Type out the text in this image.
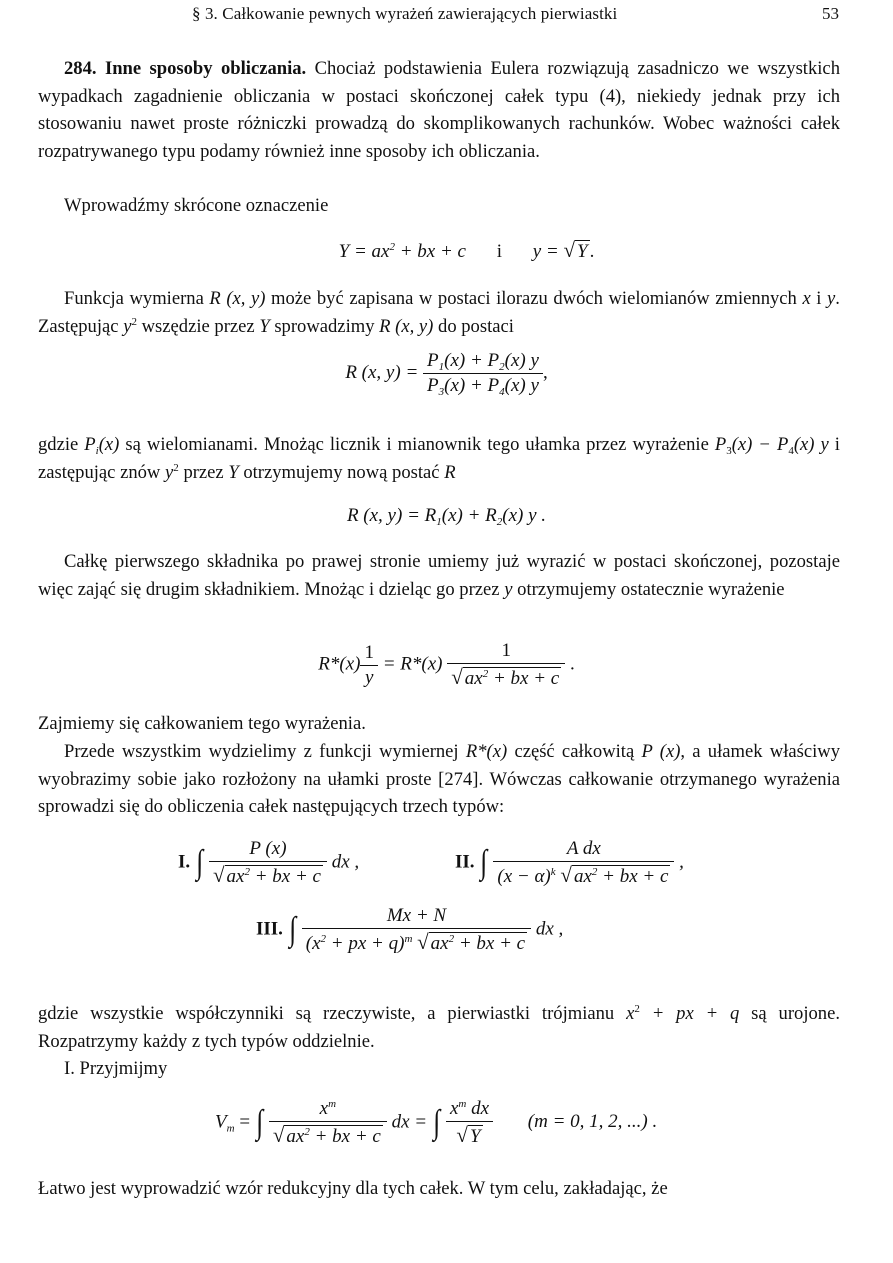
§ 3. Całkowanie pewnych wyrażeń zawierających pierwiastki	53
284. Inne sposoby obliczania. Chociaż podstawienia Eulera rozwiązują zasadniczo we wszystkich wypadkach zagadnienie obliczania w postaci skończonej całek typu (4), niekiedy jednak przy ich stosowaniu nawet proste różniczki prowadzą do skomplikowanych rachunków. Wobec ważności całek rozpatrywanego typu podamy również inne sposoby ich obliczania.
Wprowadźmy skrócone oznaczenie
$Y = ax^2$ + bx + c i y = √ Y .
Funkcja wymierna R (x, y) może być zapisana w postaci ilorazu dwóch wielomianów zmiennych x i y. Zastępując $y^2$ wszędzie przez Y sprowadzimy R (x, y) do postaci
R (x, $y) = \frac{P_1(x) + P_2(x) y}{P_3(x) + P_4(x) y}$ ,
gdzie $P_i(x)$ są wielomianami. Mnożąc licznik i mianownik tego ułamka przez wyrażenie $P_3(x) - P_4(x)$ y i zastępując znów $y^2$ przez Y otrzymujemy nową postać R
R (x, $y) = R_1(x) + R_2(x)$ y .
Całkę pierwszego składnika po prawej stronie umiemy już wyrazić w postaci skończonej, pozostaje więc zająć się drugim składnikiem. Mnożąc i dzieląc go przez y otrzymujemy ostatecznie wyrażenie
$R*(x) \frac{1}{y} = R*(x) \frac{1}{√ ax^2 + bx + c}$ .
Zajmiemy się całkowaniem tego wyrażenia.
Przede wszystkim wydzielimy z funkcji wymiernej R*(x) część całkowitą P (x), a ułamek właściwy wyobrazimy sobie jako rozłożony na ułamki proste [274]. Wówczas całkowanie otrzymanego wyrażenia sprowadzi się do obliczenia całek następujących trzech typów:
I. ∫ $\frac{P (x)}{√ ax^2 + bx + c}$ dx ,	II. ∫ $\frac{\text{A dx}}{(x - \alpha)^k √ ax^2 + bx + c}$ ,
III. ∫ $\frac{Mx + N}{(x^2 + px + q)^m √ ax^2 + bx + c}$ dx ,
gdzie wszystkie współczynniki są rzeczywiste, a pierwiastki trójmianu $x^2$ + px + q są urojone. Rozpatrzymy każdy z tych typów oddzielnie.
I. Przyjmijmy
$V_m$ = ∫ $\frac{x^m}{√ ax^2 + bx + c}$ dx = ∫ $\frac{x^m dx}{√ Y} (m = 0$, 1, 2, ...) .
Łatwo jest wyprowadzić wzór redukcyjny dla tych całek. W tym celu, zakładając, że
